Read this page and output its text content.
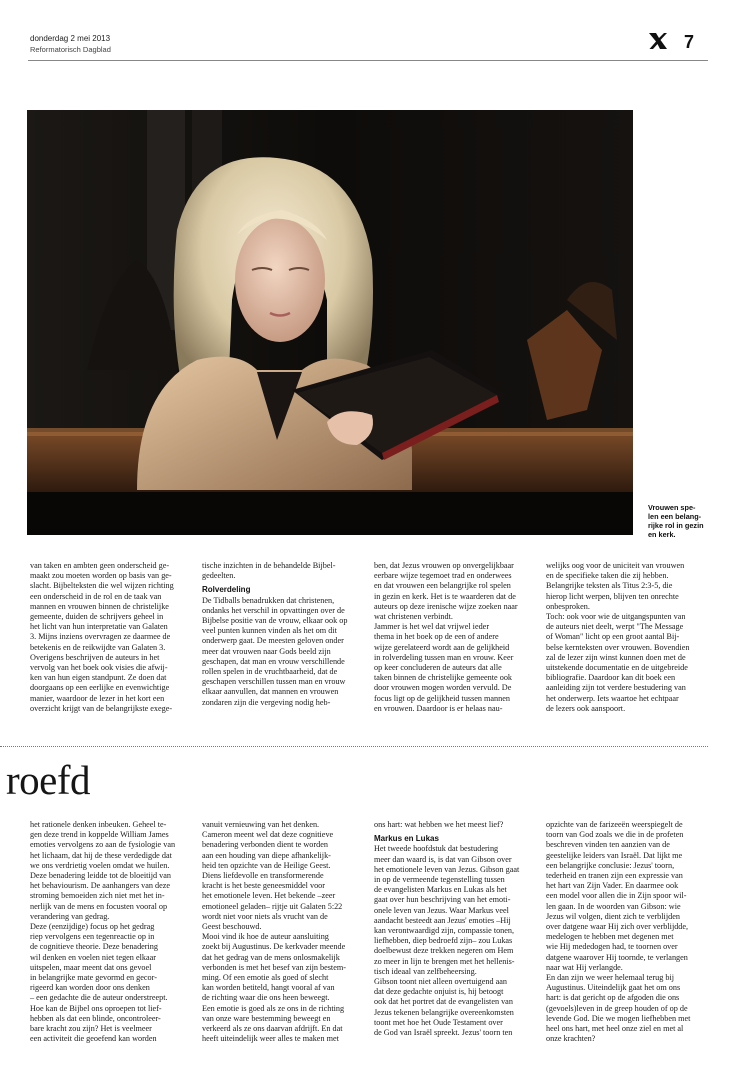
donderdag 2 mei 2013
Reformatorisch Dagblad	7
Vrouwen spe-
len een belang-
rijke rol in gezin
en kerk.

van taken en ambten geen onderscheid ge-

maakt zou moeten worden op basis van ge-

slacht. Bijbelteksten die wel wijzen richting

een onderscheid in de rol en de taak van

mannen en vrouwen binnen de christelijke

gemeente, duiden de schrijvers geheel in

het licht van hun interpretatie van Galaten

3. Mijns inziens overvragen ze daarmee de

betekenis en de reikwijdte van Galaten 3.

Overigens beschrijven de auteurs in het

vervolg van het boek ook visies die afwij-

ken van hun eigen standpunt. Ze doen dat

doorgaans op een eerlijke en evenwichtige

manier, waardoor de lezer in het kort een

overzicht krijgt van de belangrijkste exege-

tische inzichten in de behandelde Bijbel-

gedeelten.

Rolverdeling

De Tidballs benadrukken dat christenen,

ondanks het verschil in opvattingen over de

Bijbelse positie van de vrouw, elkaar ook op

veel punten kunnen vinden als het om dit

onderwerp gaat. De meesten geloven onder

meer dat vrouwen naar Gods beeld zijn

geschapen, dat man en vrouw verschillende

rollen spelen in de vruchtbaarheid, dat de

geschapen verschillen tussen man en vrouw

elkaar aanvullen, dat mannen en vrouwen

zondaren zijn die vergeving nodig heb-

ben, dat Jezus vrouwen op onvergelijkbaar

eerbare wijze tegemoet trad en onderwees

en dat vrouwen een belangrijke rol spelen

in gezin en kerk. Het is te waarderen dat de

auteurs op deze irenische wijze zoeken naar

wat christenen verbindt.

Jammer is het wel dat vrijwel ieder

thema in het boek op de een of andere

wijze gerelateerd wordt aan de gelijkheid

in rolverdeling tussen man en vrouw. Keer

op keer concluderen de auteurs dat alle

taken binnen de christelijke gemeente ook

door vrouwen mogen worden vervuld. De

focus ligt op de gelijkheid tussen mannen

en vrouwen. Daardoor is er helaas nau-

welijks oog voor de uniciteit van vrouwen

en de specifieke taken die zij hebben.

Belangrijke teksten als Titus 2:3-5, die

hierop licht werpen, blijven ten onrechte

onbesproken.

Toch: ook voor wie de uitgangspunten van

de auteurs niet deelt, werpt "The Message

of Woman" licht op een groot aantal Bij-

belse kernteksten over vrouwen. Bovendien

zal de lezer zijn winst kunnen doen met de

uitstekende documentatie en de uitgebreide

bibliografie. Daardoor kan dit boek een

aanleiding zijn tot verdere bestudering van

het onderwerp. Iets waartoe het echtpaar

de lezers ook aanspoort.

roefd

het rationele denken inbeuken. Geheel te-

gen deze trend in koppelde William James

emoties vervolgens zo aan de fysiologie van

het lichaam, dat hij de these verdedigde dat

we ons verdrietig voelen omdat we huilen.

Deze benadering leidde tot de bloeitijd van

het behaviourism. De aanhangers van deze

stroming bemoeiden zich niet met het in-

nerlijk van de mens en focusten vooral op

verandering van gedrag.

Deze (eenzijdige) focus op het gedrag

riep vervolgens een tegenreactie op in

de cognitieve theorie. Deze benadering

wil denken en voelen niet tegen elkaar

uitspelen, maar meent dat ons gevoel

in belangrijke mate gevormd en gecor-

rigeerd kan worden door ons denken

– een gedachte die de auteur onderstreept.

Hoe kan de Bijbel ons oproepen tot lief-

hebben als dat een blinde, oncontroleer-

bare kracht zou zijn? Het is veelmeer

een activiteit die geoefend kan worden

vanuit vernieuwing van het denken.

Cameron meent wel dat deze cognitieve

benadering verbonden dient te worden

aan een houding van diepe afhankelijk-

heid ten opzichte van de Heilige Geest.

Diens liefdevolle en transformerende

kracht is het beste geneesmiddel voor

het emotionele leven. Het bekende –zeer

emotioneel geladen– rijtje uit Galaten 5:22

wordt niet voor niets als vrucht van de

Geest beschouwd.

Mooi vind ik hoe de auteur aansluiting

zoekt bij Augustinus. De kerkvader meende

dat het gedrag van de mens onlosmakelijk

verbonden is met het besef van zijn bestem-

ming. Of een emotie als goed of slecht

kan worden betiteld, hangt vooral af van

de richting waar die ons heen beweegt.

Een emotie is goed als ze ons in de richting

van onze ware bestemming beweegt en

verkeerd als ze ons daarvan afdrijft. En dat

heeft uiteindelijk weer alles te maken met

ons hart: wat hebben we het meest lief?

Markus en Lukas

Het tweede hoofdstuk dat bestudering

meer dan waard is, is dat van Gibson over

het emotionele leven van Jezus. Gibson gaat

in op de vermeende tegenstelling tussen

de evangelisten Markus en Lukas als het

gaat over hun beschrijving van het emoti-

onele leven van Jezus. Waar Markus veel

aandacht besteedt aan Jezus' emoties –Hij

kan verontwaardigd zijn, compassie tonen,

liefhebben, diep bedroefd zijn– zou Lukas

doelbewust deze trekken negeren om Hem

zo meer in lijn te brengen met het hellenis-

tisch ideaal van zelfbeheersing.

Gibson toont niet alleen overtuigend aan

dat deze gedachte onjuist is, hij betoogt

ook dat het portret dat de evangelisten van

Jezus tekenen belangrijke overeenkomsten

toont met hoe het Oude Testament over

de God van Israël spreekt. Jezus' toorn ten

opzichte van de farizeeën weerspiegelt de

toorn van God zoals we die in de profeten

beschreven vinden ten aanzien van de

geestelijke leiders van Israël. Dat lijkt me

een belangrijke conclusie: Jezus' toorn,

tederheid en tranen zijn een expressie van

het hart van Zijn Vader. En daarmee ook

een model voor allen die in Zijn spoor wil-

len gaan. In de woorden van Gibson: wie

Jezus wil volgen, dient zich te verblijden

over datgene waar Hij zich over verblijdde,

medelogen te hebben met degenen met

wie Hij mededogen had, te toornen over

datgene waarover Hij toornde, te verlangen

naar wat Hij verlangde.

En dan zijn we weer helemaal terug bij

Augustinus. Uiteindelijk gaat het om ons

hart: is dat gericht op de afgoden die ons

(gevoels)leven in de greep houden of op de

levende God. Die we mogen liefhebben met

heel ons hart, met heel onze ziel en met al

onze krachten?
